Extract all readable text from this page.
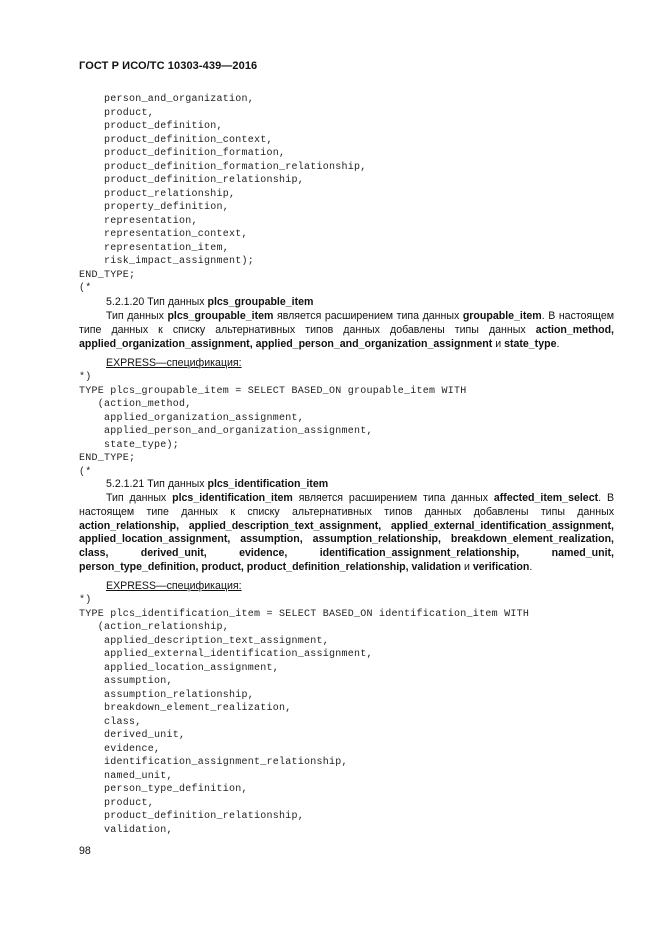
ГОСТ Р ИСО/ТС 10303-439—2016
person_and_organization,
product,
product_definition,
product_definition_context,
product_definition_formation,
product_definition_formation_relationship,
product_definition_relationship,
product_relationship,
property_definition,
representation,
representation_context,
representation_item,
risk_impact_assignment);
END_TYPE;
(*
5.2.1.20 Тип данных plcs_groupable_item
Тип данных plcs_groupable_item является расширением типа данных groupable_item. В настоящем типе данных к списку альтернативных типов данных добавлены типы данных action_method, applied_organization_assignment, applied_person_and_organization_assignment и state_type.
EXPRESS—спецификация:
*)
TYPE plcs_groupable_item = SELECT BASED_ON groupable_item WITH
(action_method,
applied_organization_assignment,
applied_person_and_organization_assignment,
state_type);
END_TYPE;
(*
5.2.1.21 Тип данных plcs_identification_item
Тип данных plcs_identification_item является расширением типа данных affected_item_select. В настоящем типе данных к списку альтернативных типов данных добавлены типы данных action_relationship, applied_description_text_assignment, applied_external_identification_assignment, applied_location_assignment, assumption, assumption_relationship, breakdown_element_realization, class, derived_unit, evidence, identification_assignment_relationship, named_unit, person_type_definition, product, product_definition_relationship, validation и verification.
EXPRESS—спецификация:
*)
TYPE plcs_identification_item = SELECT BASED_ON identification_item WITH
(action_relationship,
applied_description_text_assignment,
applied_external_identification_assignment,
applied_location_assignment,
assumption,
assumption_relationship,
breakdown_element_realization,
class,
derived_unit,
evidence,
identification_assignment_relationship,
named_unit,
person_type_definition,
product,
product_definition_relationship,
validation,
98
